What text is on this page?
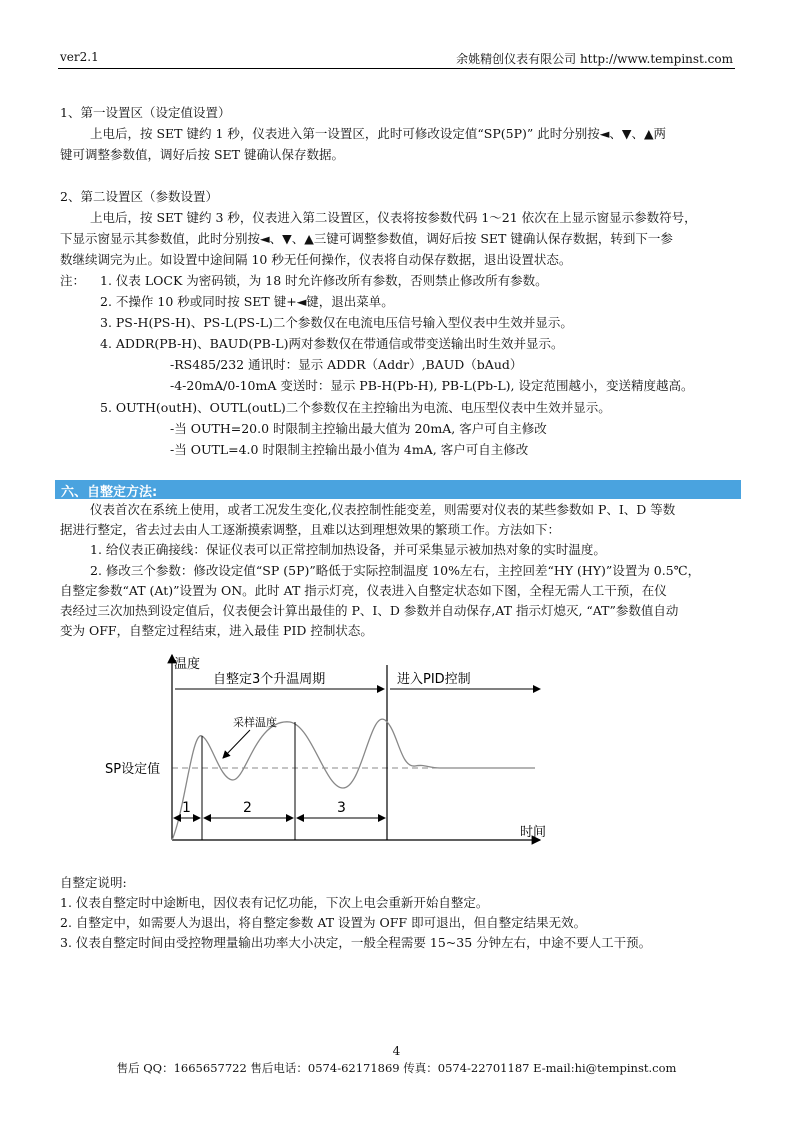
ver2.1	余姚精创仪表有限公司 http://www.tempinst.com
1、第一设置区（设定值设置）
上电后，按 SET 键约 1 秒，仪表进入第一设置区，此时可修改设定值“SP(5P)” 此时分别按◄、▼、▲两
键可调整参数值，调好后按 SET 键确认保存数据。
2、第二设置区（参数设置）
上电后，按 SET 键约 3 秒，仪表进入第二设置区，仪表将按参数代码 1～21 依次在上显示窗显示参数符号，
下显示窗显示其参数值，此时分别按◄、▼、▲三键可调整参数值，调好后按 SET 键确认保存数据，转到下一参
数继续调完为止。如设置中途间隔 10 秒无任何操作，仪表将自动保存数据，退出设置状态。
注：	1. 仪表 LOCK 为密码锁，为 18 时允许修改所有参数，否则禁止修改所有参数。
2. 不操作 10 秒或同时按 SET 键+◄键，退出菜单。
3. PS-H(PS-H)、PS-L(PS-L)二个参数仅在电流电压信号输入型仪表中生效并显示。
4. ADDR(PB-H)、BAUD(PB-L)两对参数仅在带通信或带变送输出时生效并显示。
-RS485/232 通讯时：显示 ADDR（Addr）,BAUD（bAud）
-4-20mA/0-10mA 变送时：显示 PB-H(Pb-H), PB-L(Pb-L), 设定范围越小，变送精度越高。
5. OUTH(outH)、OUTL(outL)二个参数仅在主控输出为电流、电压型仪表中生效并显示。
-当 OUTH=20.0 时限制主控输出最大值为 20mA, 客户可自主修改
-当 OUTL=4.0 时限制主控输出最小值为 4mA, 客户可自主修改
六、自整定方法:
仪表首次在系统上使用，或者工况发生变化,仪表控制性能变差，则需要对仪表的某些参数如 P、I、D 等数
据进行整定，省去过去由人工逐渐摸索调整，且难以达到理想效果的繁琐工作。方法如下：
1. 给仪表正确接线：保证仪表可以正常控制加热设备，并可采集显示被加热对象的实时温度。
2. 修改三个参数：修改设定值“SP (5P)”略低于实际控制温度 10%左右，主控回差“HY (HY)”设置为 0.5℃，
自整定参数“AT (At)”设置为 ON。此时 AT 指示灯亮，仪表进入自整定状态如下图，全程无需人工干预，在仪
表经过三次加热到设定值后，仪表便会计算出最佳的 P、I、D 参数并自动保存,AT 指示灯熄灭, “AT”参数值自动
变为 OFF，自整定过程结束，进入最佳 PID 控制状态。
温度
时间
SP设定值
自整定3个升温周期	进入PID控制
采样温度
1	2	3
自整定说明:
1. 仪表自整定时中途断电，因仪表有记忆功能，下次上电会重新开始自整定。
2. 自整定中，如需要人为退出，将自整定参数 AT 设置为 OFF 即可退出，但自整定结果无效。
3. 仪表自整定时间由受控物理量输出功率大小决定，一般全程需要 15~35 分钟左右，中途不要人工干预。
4
售后 QQ：1665657722 售后电话：0574-62171869 传真：0574-22701187 E-mail:hi@tempinst.com
